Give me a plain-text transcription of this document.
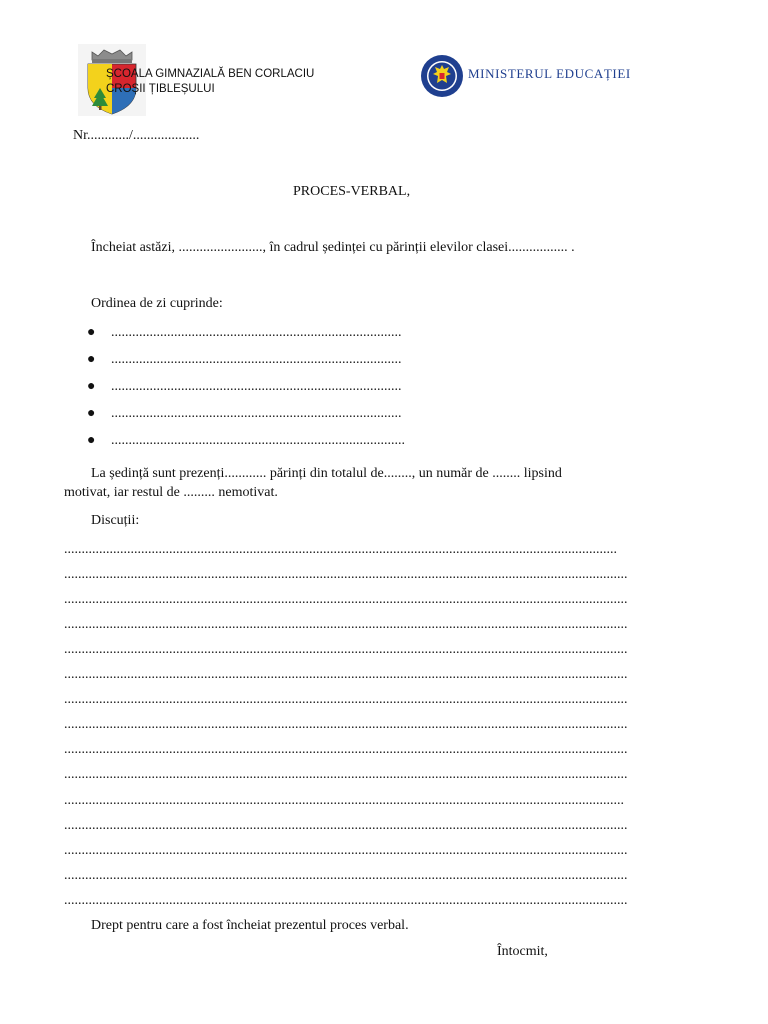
ȘCOALA GIMNAZIALĂ BEN CORLACIU
CROȘII ȚIBLEȘULUI
MINISTERUL EDUCAȚIEI
Nr............/...................
PROCES-VERBAL,
Încheiat astăzi, ........................, în cadrul ședinței cu părinții elevilor clasei................. .
Ordinea de zi cuprinde:
● ...................................................................................
● ...................................................................................
● ...................................................................................
● ...................................................................................
● ....................................................................................
La ședință sunt prezenți............ părinți din totalul de........, un număr de ........ lipsind
motivat, iar restul de ......... nemotivat.
Discuții:
..............................................................................................................................................................
.................................................................................................................................................................
.................................................................................................................................................................
.................................................................................................................................................................
.................................................................................................................................................................
.................................................................................................................................................................
.................................................................................................................................................................
.................................................................................................................................................................
.................................................................................................................................................................
.................................................................................................................................................................
................................................................................................................................................................
.................................................................................................................................................................
.................................................................................................................................................................
.................................................................................................................................................................
.................................................................................................................................................................
Drept pentru care a fost încheiat prezentul proces verbal.
Întocmit,
